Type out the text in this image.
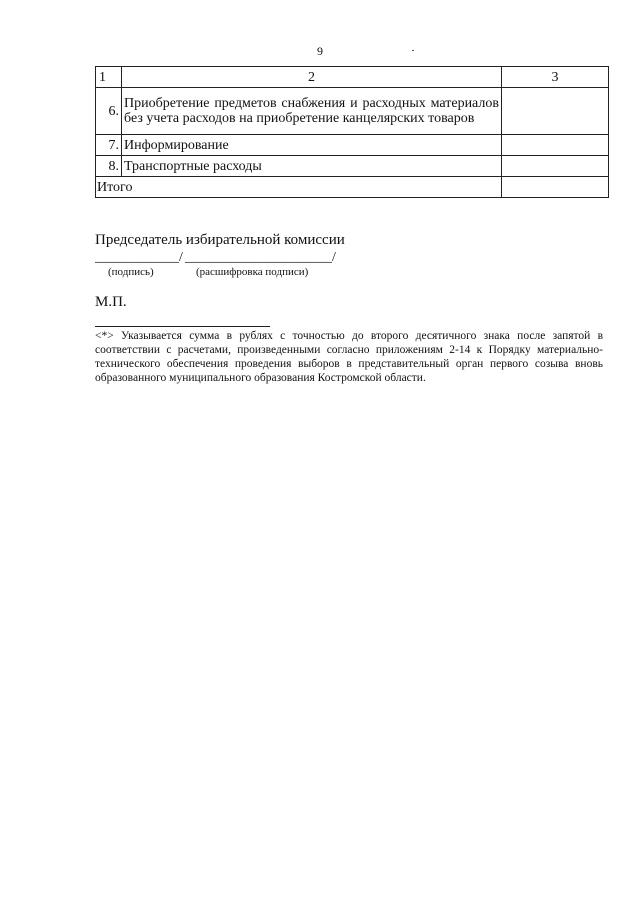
9
1	2	3
6.	Приобретение предметов снабжения и расходных материалов без учета расходов на приобретение канцелярских товаров	
7.	Информирование	
8.	Транспортные расходы	
Итого		
Председатель избирательной комиссии
____________/ _____________________/
(подпись)	(расшифровка подписи)
М.П.
<*> Указывается сумма в рублях с точностью до второго десятичного знака после запятой в соответствии с расчетами, произведенными согласно приложениям 2-14 к Порядку материально-технического обеспечения проведения выборов в представительный орган первого созыва вновь образованного муниципального образования Костромской области.
